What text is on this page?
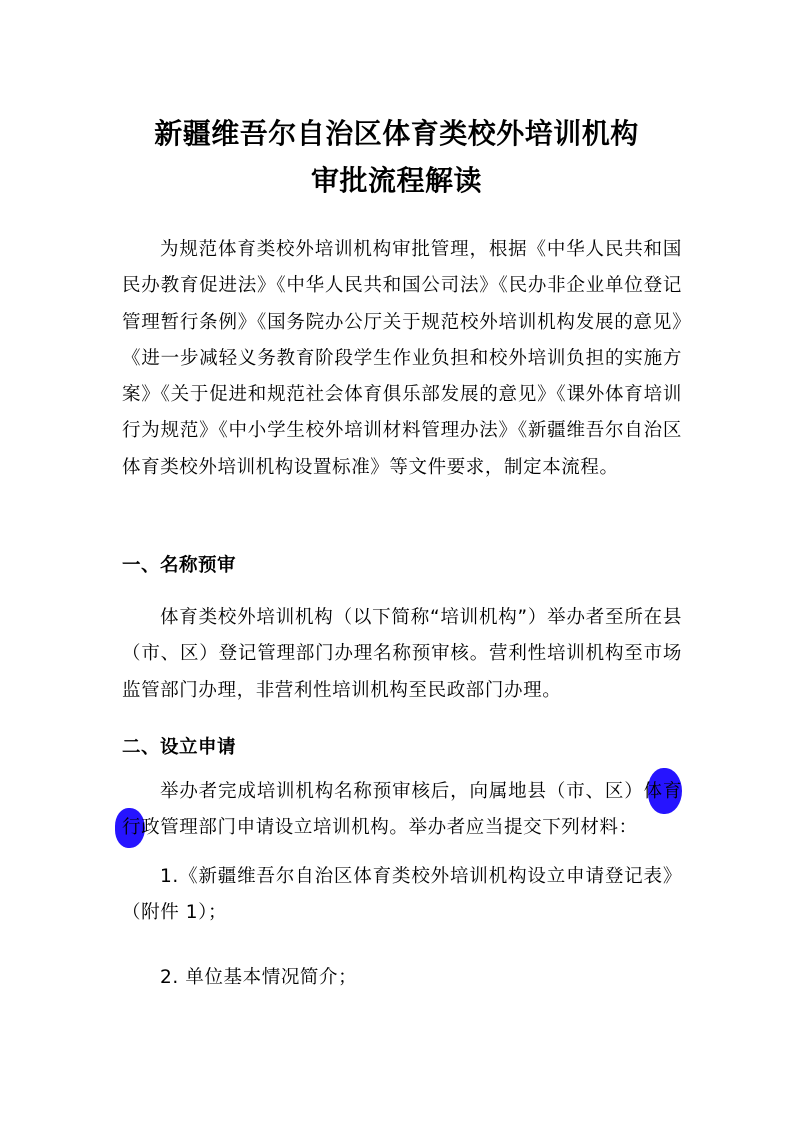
新疆维吾尔自治区体育类校外培训机构
审批流程解读
为规范体育类校外培训机构审批管理，根据《中华人民共和国民办教育促进法》《中华人民共和国公司法》《民办非企业单位登记管理暂行条例》《国务院办公厅关于规范校外培训机构发展的意见》《进一步减轻义务教育阶段学生作业负担和校外培训负担的实施方案》《关于促进和规范社会体育俱乐部发展的意见》《课外体育培训行为规范》《中小学生校外培训材料管理办法》《新疆维吾尔自治区体育类校外培训机构设置标准》等文件要求，制定本流程。
一、名称预审
体育类校外培训机构（以下简称“培训机构”）举办者至所在县（市、区）登记管理部门办理名称预审核。营利性培训机构至市场监管部门办理，非营利性培训机构至民政部门办理。
二、设立申请
举办者完成培训机构名称预审核后，向属地县（市、区）体育行政管理部门申请设立培训机构。举办者应当提交下列材料：
1.《新疆维吾尔自治区体育类校外培训机构设立申请登记表》（附件 1）；
2. 单位基本情况简介；
